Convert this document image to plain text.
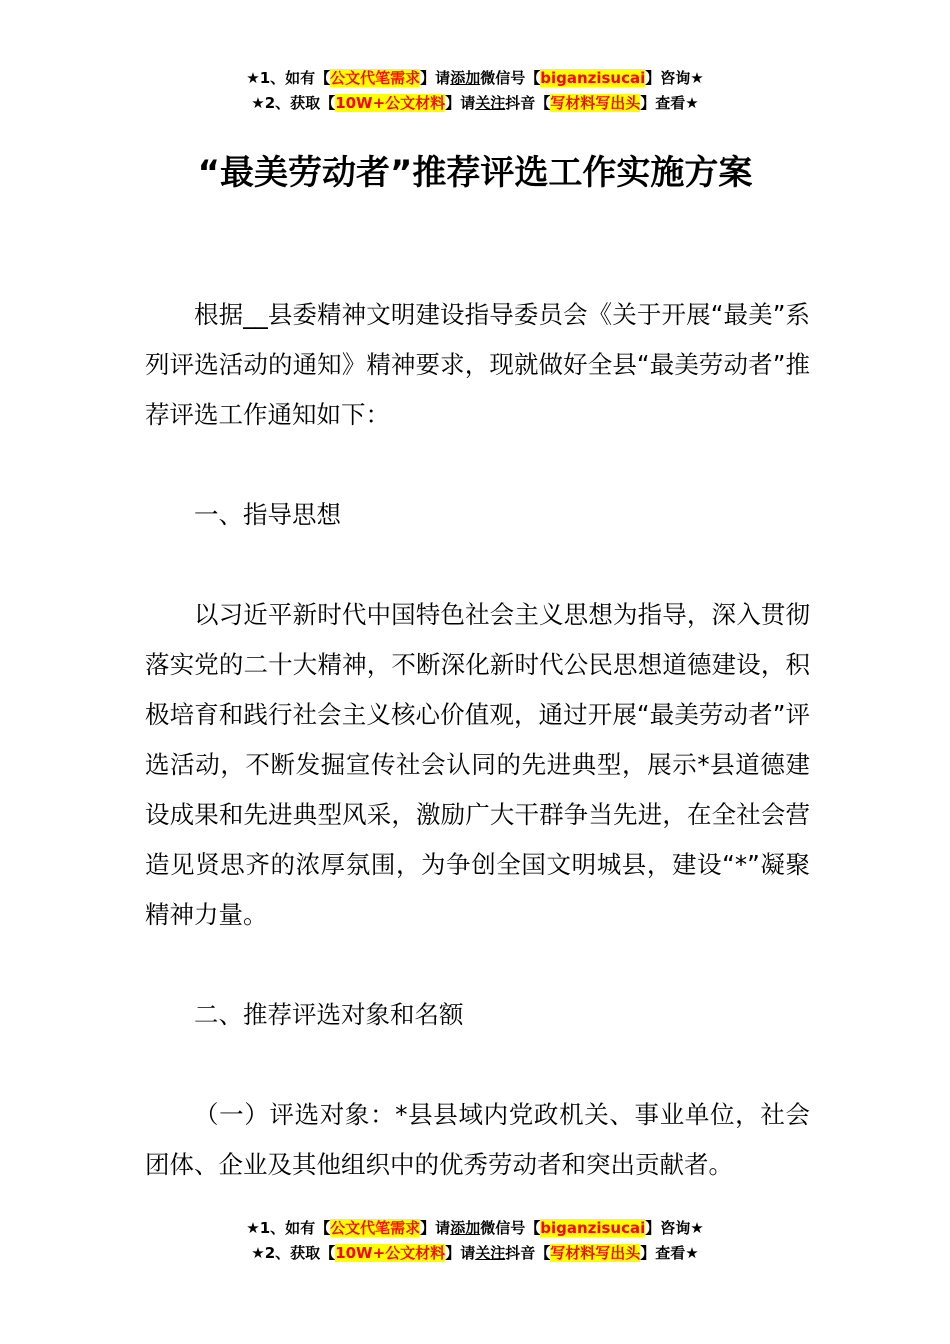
★1、如有【公文代笔需求】请添加微信号【biganzisucai】咨询★
★2、获取【10W+公文材料】请关注抖音【写材料写出头】查看★
“最美劳动者”推荐评选工作实施方案

根据__县委精神文明建设指导委员会《关于开展“最美”系列评选活动的通知》精神要求，现就做好全县“最美劳动者”推荐评选工作通知如下：

一、指导思想

以习近平新时代中国特色社会主义思想为指导，深入贯彻落实党的二十大精神，不断深化新时代公民思想道德建设，积极培育和践行社会主义核心价值观，通过开展“最美劳动者”评选活动，不断发掘宣传社会认同的先进典型，展示*县道德建设成果和先进典型风采，激励广大干群争当先进，在全社会营造见贤思齐的浓厚氛围，为争创全国文明城县，建设“*”凝聚精神力量。

二、推荐评选对象和名额

（一）评选对象：*县县域内党政机关、事业单位，社会团体、企业及其他组织中的优秀劳动者和突出贡献者。

★1、如有【公文代笔需求】请添加微信号【biganzisucai】咨询★
★2、获取【10W+公文材料】请关注抖音【写材料写出头】查看★
